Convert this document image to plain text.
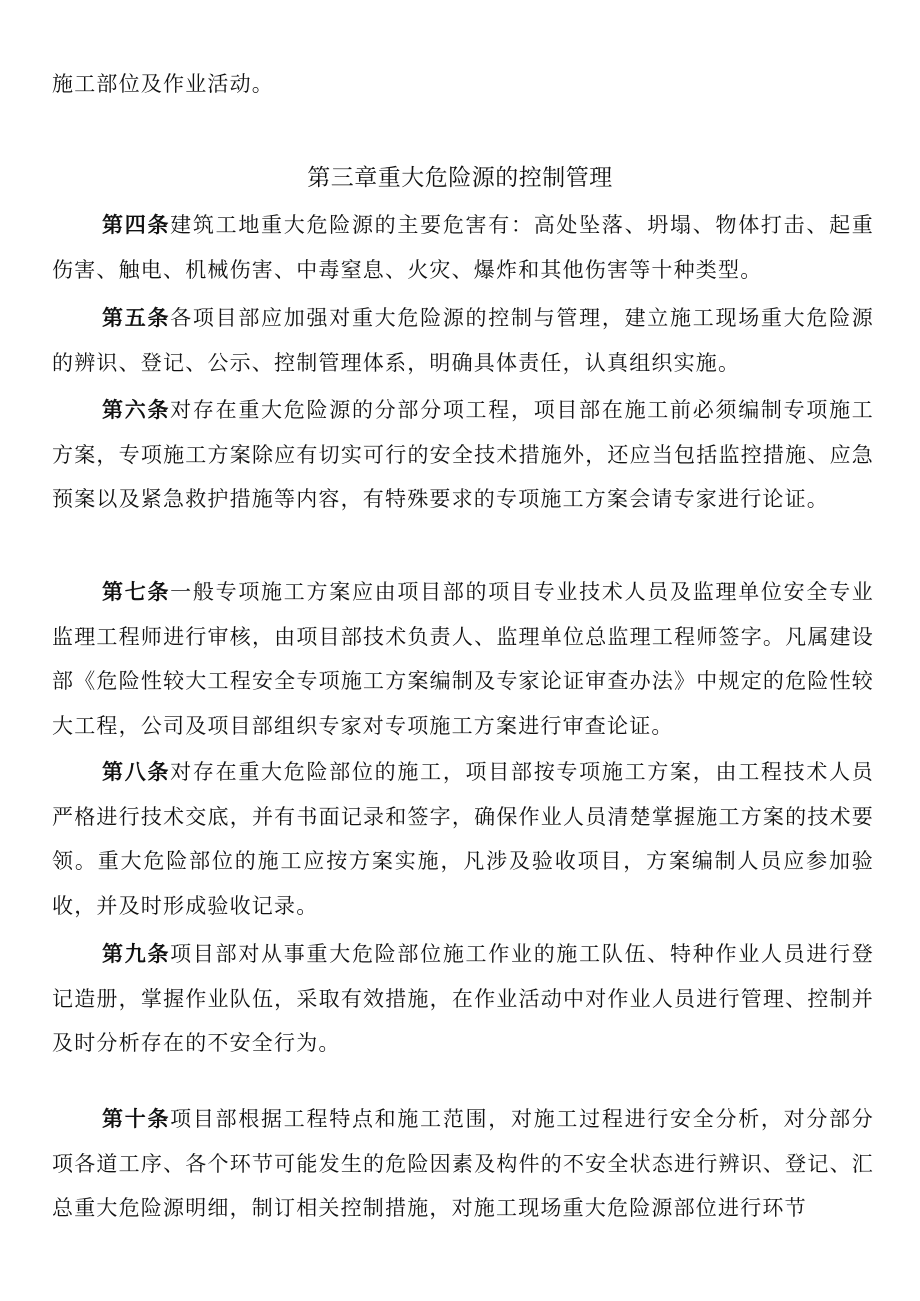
施工部位及作业活动。

第三章重大危险源的控制管理

第四条建筑工地重大危险源的主要危害有：高处坠落、坍塌、物体打击、起重伤害、触电、机械伤害、中毒窒息、火灾、爆炸和其他伤害等十种类型。

第五条各项目部应加强对重大危险源的控制与管理，建立施工现场重大危险源的辨识、登记、公示、控制管理体系，明确具体责任，认真组织实施。

第六条对存在重大危险源的分部分项工程，项目部在施工前必须编制专项施工方案，专项施工方案除应有切实可行的安全技术措施外，还应当包括监控措施、应急预案以及紧急救护措施等内容，有特殊要求的专项施工方案会请专家进行论证。

第七条一般专项施工方案应由项目部的项目专业技术人员及监理单位安全专业监理工程师进行审核，由项目部技术负责人、监理单位总监理工程师签字。凡属建设部《危险性较大工程安全专项施工方案编制及专家论证审查办法》中规定的危险性较大工程，公司及项目部组织专家对专项施工方案进行审查论证。

第八条对存在重大危险部位的施工，项目部按专项施工方案，由工程技术人员严格进行技术交底，并有书面记录和签字，确保作业人员清楚掌握施工方案的技术要领。重大危险部位的施工应按方案实施，凡涉及验收项目，方案编制人员应参加验收，并及时形成验收记录。

第九条项目部对从事重大危险部位施工作业的施工队伍、特种作业人员进行登记造册，掌握作业队伍，采取有效措施，在作业活动中对作业人员进行管理、控制并及时分析存在的不安全行为。

第十条项目部根据工程特点和施工范围，对施工过程进行安全分析，对分部分项各道工序、各个环节可能发生的危险因素及构件的不安全状态进行辨识、登记、汇总重大危险源明细，制订相关控制措施，对施工现场重大危险源部位进行环节
